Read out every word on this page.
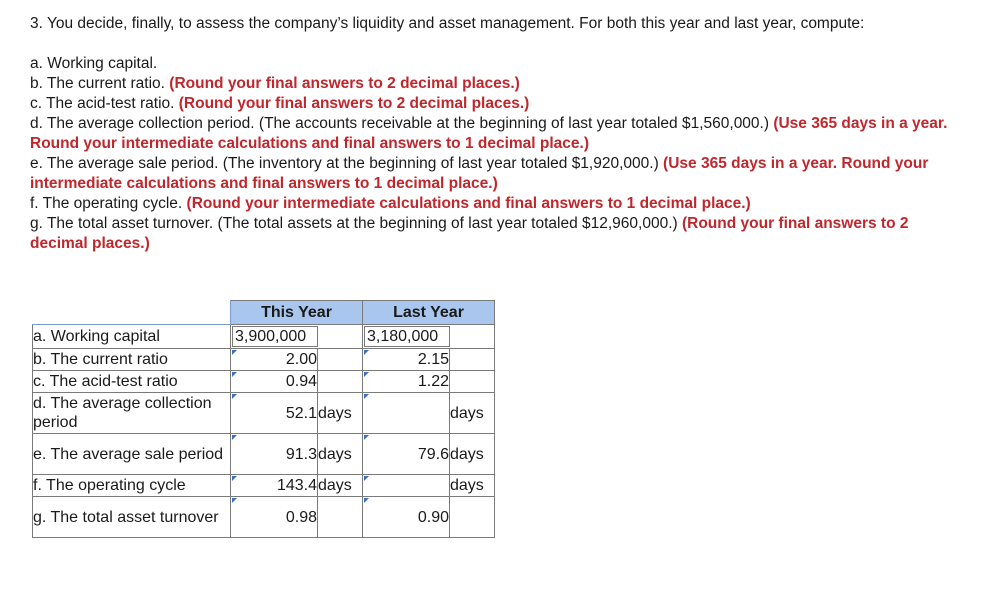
3. You decide, finally, to assess the company’s liquidity and asset management. For both this year and last year, compute:

a. Working capital.

b. The current ratio. (Round your final answers to 2 decimal places.)

c. The acid-test ratio. (Round your final answers to 2 decimal places.)

d. The average collection period. (The accounts receivable at the beginning of last year totaled $1,560,000.) (Use 365 days in a year. Round your intermediate calculations and final answers to 1 decimal place.)

e. The average sale period. (The inventory at the beginning of last year totaled $1,920,000.) (Use 365 days in a year. Round your intermediate calculations and final answers to 1 decimal place.)

f. The operating cycle. (Round your intermediate calculations and final answers to 1 decimal place.)

g. The total asset turnover. (The total assets at the beginning of last year totaled $12,960,000.) (Round your final answers to 2 decimal places.)

	This Year		Last Year	
a. Working capital	3,900,000		3,180,000	

b. The current ratio	2.00		2.15	
c. The acid-test ratio	0.94		1.22	
d. The average collection period	52.1	days		days
e. The average sale period	91.3	days	79.6	days
f. The operating cycle	143.4	days		days
g. The total asset turnover	0.98		0.90	
